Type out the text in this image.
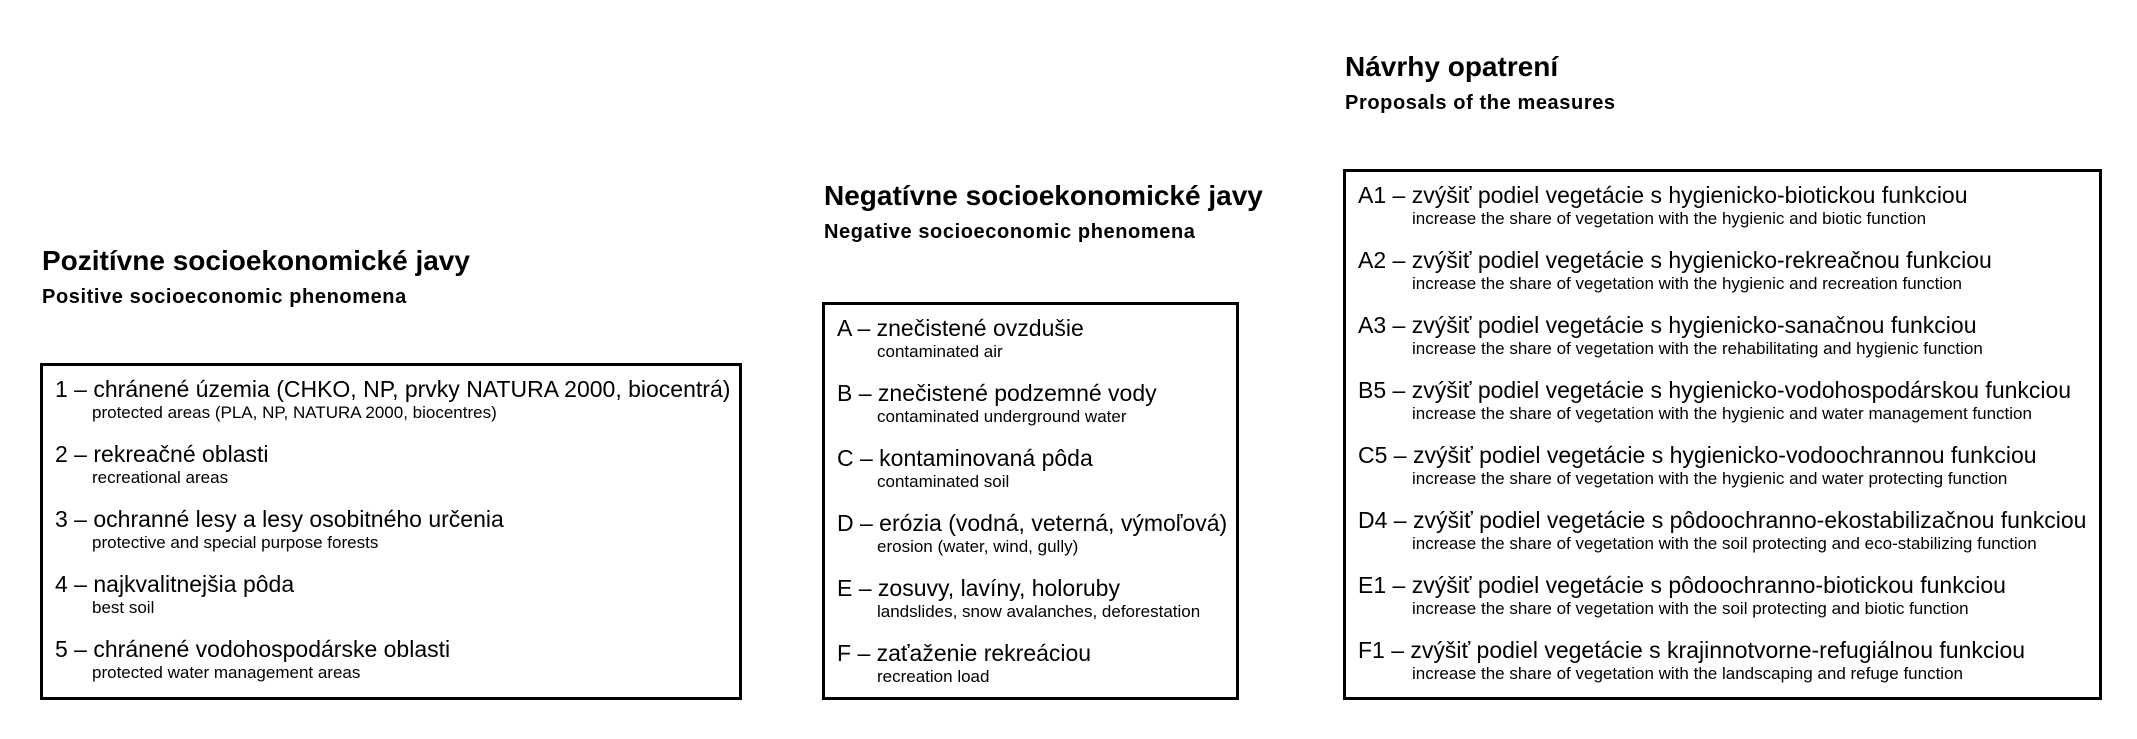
Pozitívne socioekonomické javy
Positive socioeconomic phenomena
1 – chránené územia (CHKO, NP, prvky NATURA 2000, biocentrá)
protected areas (PLA, NP, NATURA 2000, biocentres)
2 – rekreačné oblasti
recreational areas
3 – ochranné lesy a lesy osobitného určenia
protective and special purpose forests
4 – najkvalitnejšia pôda
best soil
5 – chránené vodohospodárske oblasti
protected water management areas
Negatívne socioekonomické javy
Negative socioeconomic phenomena
A – znečistené ovzdušie
contaminated air
B – znečistené podzemné vody
contaminated underground water
C – kontaminovaná pôda
contaminated soil
D – erózia (vodná, veterná, výmoľová)
erosion (water, wind, gully)
E – zosuvy, lavíny, holoruby
landslides, snow avalanches, deforestation
F – zaťaženie rekreáciou
recreation load
Návrhy opatrení
Proposals of the measures
A1 – zvýšiť podiel vegetácie s hygienicko-biotickou funkciou
increase the share of vegetation with the hygienic and biotic function
A2 – zvýšiť podiel vegetácie s hygienicko-rekreačnou funkciou
increase the share of vegetation with the hygienic and recreation function
A3 – zvýšiť podiel vegetácie s hygienicko-sanačnou funkciou
increase the share of vegetation with the rehabilitating and hygienic function
B5 – zvýšiť podiel vegetácie s hygienicko-vodohospodárskou funkciou
increase the share of vegetation with the hygienic and water management function
C5 – zvýšiť podiel vegetácie s hygienicko-vodoochrannou funkciou
increase the share of vegetation with the hygienic and water protecting function
D4 – zvýšiť podiel vegetácie s pôdoochranno-ekostabilizačnou funkciou
increase the share of vegetation with the soil protecting and eco-stabilizing function
E1 – zvýšiť podiel vegetácie s pôdoochranno-biotickou funkciou
increase the share of vegetation with the soil protecting and biotic function
F1 – zvýšiť podiel vegetácie s krajinnotvorne-refugiálnou funkciou
increase the share of vegetation with the landscaping and refuge function
